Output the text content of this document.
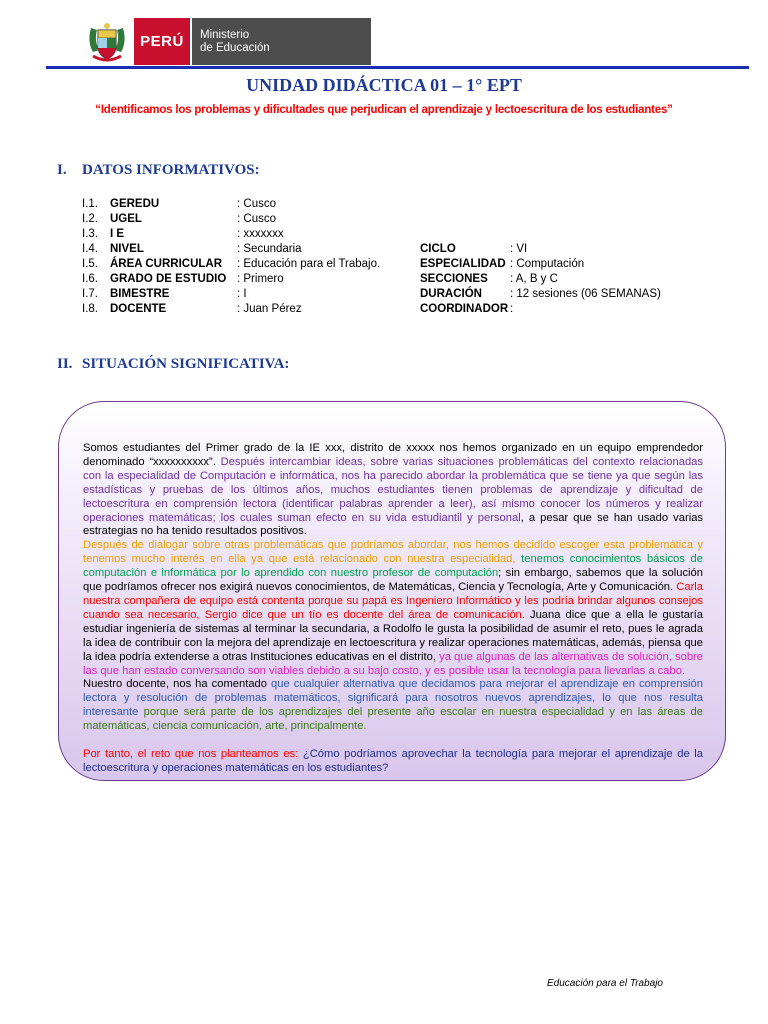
PERÚ	Ministerio
de Educación
UNIDAD DIDÁCTICA 01 – 1° EPT
“Identificamos los problemas y dificultades que perjudican el aprendizaje y lectoescritura de los estudiantes”
I. DATOS INFORMATIVOS:
I.1. GEREDU	: Cusco
I.2. UGEL	: Cusco
I.3. I E	: xxxxxxx
I.4. NIVEL	: Secundaria	CICLO	: VI
I.5. ÁREA CURRICULAR : Educación para el Trabajo.	ESPECIALIDAD : Computación
I.6. GRADO DE ESTUDIO : Primero	SECCIONES : A, B y C
I.7. BIMESTRE	: I	DURACIÓN : 12 sesiones (06 SEMANAS)
I.8. DOCENTE	: Juan Pérez	COORDINADOR :
II. SITUACIÓN SIGNIFICATIVA:

Somos estudiantes del Primer grado de la IE xxx, distrito de xxxxx nos hemos organizado en un equipo emprendedor denominado “xxxxxxxxxx”. Después intercambiar ideas, sobre varias situaciones problemáticas del contexto relacionadas con la especialidad de Computación e informática, nos ha parecido abordar la problemática que se tiene ya que según las estadísticas y pruebas de los últimos años, muchos estudiantes tienen problemas de aprendizaje y dificultad de lectoescritura en comprensión lectora (identificar palabras aprender a leer), así mismo conocer los números y realizar operaciones matemáticas; los cuales suman efecto en su vida estudiantil y personal, a pesar que se han usado varias estrategias no ha tenido resultados positivos.

Después de dialogar sobre otras problemáticas que podríamos abordar, nos hemos decidido escoger esta problemática y tenemos mucho interés en ella ya que está relacionado con nuestra especialidad, tenemos conocimientos básicos de computación e informática por lo aprendido con nuestro profesor de computación; sin embargo, sabemos que la solución que podríamos ofrecer nos exigirá nuevos conocimientos, de Matemáticas, Ciencia y Tecnología, Arte y Comunicación. Carla nuestra compañera de equipo está contenta porque su papá es Ingeniero Informático y les podría brindar algunos consejos cuando sea necesario, Sergio dice que un tío es docente del área de comunicación. Juana dice que a ella le gustaría estudiar ingeniería de sistemas al terminar la secundaria, a Rodolfo le gusta la posibilidad de asumir el reto, pues le agrada la idea de contribuir con la mejora del aprendizaje en lectoescritura y realizar operaciones matemáticas, además, piensa que la idea podría extenderse a otras Instituciones educativas en el distrito, ya que algunas de las alternativas de solución, sobre las que han estado conversando son viables debido a su bajo costo, y es posible usar la tecnología para llevarlas a cabo.

Nuestro docente, nos ha comentado que cualquier alternativa que decidamos para mejorar el aprendizaje en comprensión lectora y resolución de problemas matemáticos, significará para nosotros nuevos aprendizajes, lo que nos resulta interesante porque será parte de los aprendizajes del presente año escolar en nuestra especialidad y en las áreas de matemáticas, ciencia comunicación, arte, principalmente.

Por tanto, el reto que nos planteamos es: ¿Cómo podríamos aprovechar la tecnología para mejorar el aprendizaje de la lectoescritura y operaciones matemáticas en los estudiantes?

Educación para el Trabajo
